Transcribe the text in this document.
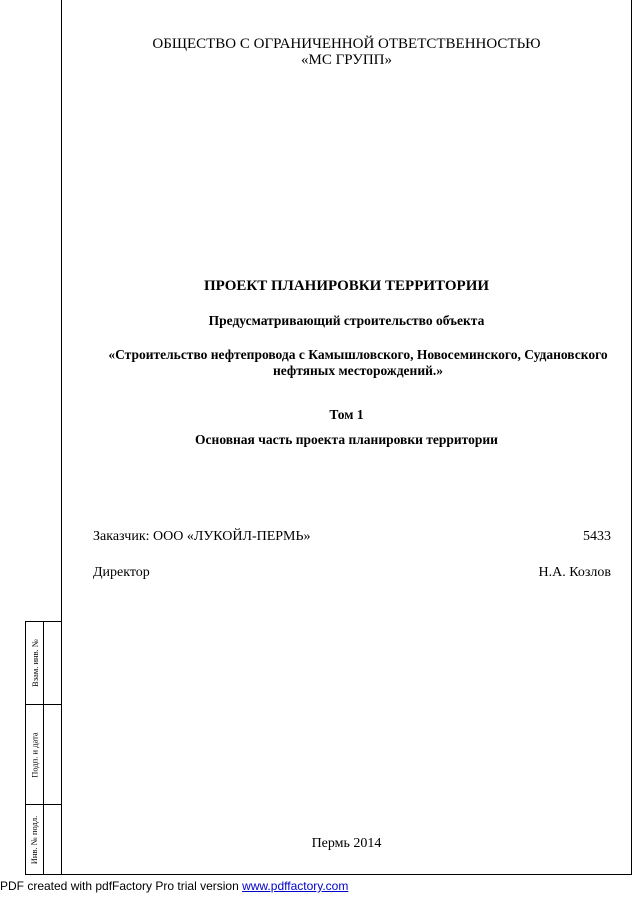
ОБЩЕСТВО С ОГРАНИЧЕННОЙ ОТВЕТСТВЕННОСТЬЮ
«МС ГРУПП»
ПРОЕКТ ПЛАНИРОВКИ ТЕРРИТОРИИ
Предусматривающий строительство объекта
«Строительство нефтепровода с Камышловского, Новосеминского, Судановского
нефтяных месторождений.»
Том 1
Основная часть проекта планировки территории
Заказчик: ООО «ЛУКОЙЛ-ПЕРМЬ»	5433
Директор	Н.А. Козлов
Пермь 2014
Взам. инв. №
Подп. и дата
Инв. № подл.
PDF created with pdfFactory Pro trial version www.pdffactory.com
